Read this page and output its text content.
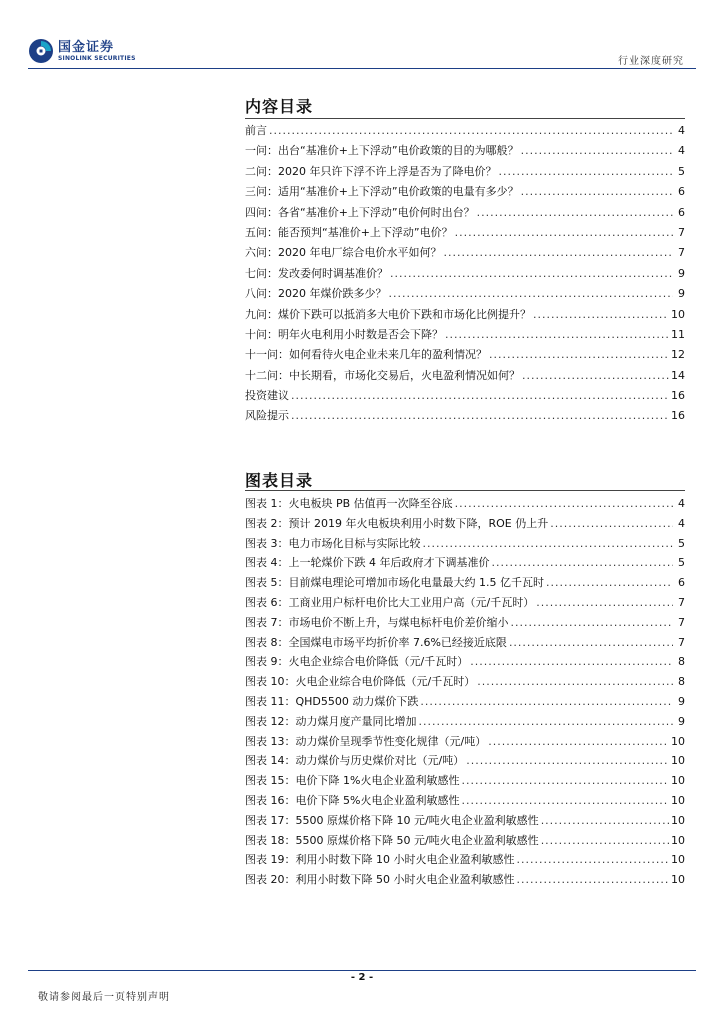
国金证券
SINOLINK SECURITIES	行业深度研究
内容目录
前言 .....	4
一问：出台“基准价+上下浮动”电价政策的目的为哪般？ .....	4
二问：2020 年只许下浮不许上浮是否为了降电价？ .....	5
三问：适用“基准价+上下浮动”电价政策的电量有多少？ .....	6
四问：各省“基准价+上下浮动”电价何时出台？ .....	6
五问：能否预判“基准价+上下浮动”电价？ .....	7
六问：2020 年电厂综合电价水平如何？ .....	7
七问：发改委何时调基准价？ .....	9
八问：2020 年煤价跌多少？ .....	9
九问：煤价下跌可以抵消多大电价下跌和市场化比例提升？ .....	10
十问：明年火电利用小时数是否会下降？ .....	11
十一问：如何看待火电企业未来几年的盈利情况？ .....	12
十二问：中长期看，市场化交易后，火电盈利情况如何？ .....	14
投资建议 .....	16
风险提示 .....	16
图表目录
图表 1：火电板块 PB 估值再一次降至谷底 .....	4
图表 2：预计 2019 年火电板块利用小时数下降，ROE 仍上升 .....	4
图表 3：电力市场化目标与实际比较 .....	5
图表 4：上一轮煤价下跌 4 年后政府才下调基准价 .....	5
图表 5：目前煤电理论可增加市场化电量最大约 1.5 亿千瓦时 .....	6
图表 6：工商业用户标杆电价比大工业用户高（元/千瓦时） .....	7
图表 7：市场电价不断上升，与煤电标杆电价差价缩小 .....	7
图表 8：全国煤电市场平均折价率 7.6%已经接近底限 .....	7
图表 9：火电企业综合电价降低（元/千瓦时） .....	8
图表 10：火电企业综合电价降低（元/千瓦时） .....	8
图表 11：QHD5500 动力煤价下跌 .....	9
图表 12：动力煤月度产量同比增加 .....	9
图表 13：动力煤价呈现季节性变化规律（元/吨） .....	10
图表 14：动力煤价与历史煤价对比（元/吨） .....	10
图表 15：电价下降 1%火电企业盈利敏感性 .....	10
图表 16：电价下降 5%火电企业盈利敏感性 .....	10
图表 17：5500 原煤价格下降 10 元/吨火电企业盈利敏感性 .....	10
图表 18：5500 原煤价格下降 50 元/吨火电企业盈利敏感性 .....	10
图表 19：利用小时数下降 10 小时火电企业盈利敏感性 .....	10
图表 20：利用小时数下降 50 小时火电企业盈利敏感性 .....	10
- 2 -
敬请参阅最后一页特别声明
